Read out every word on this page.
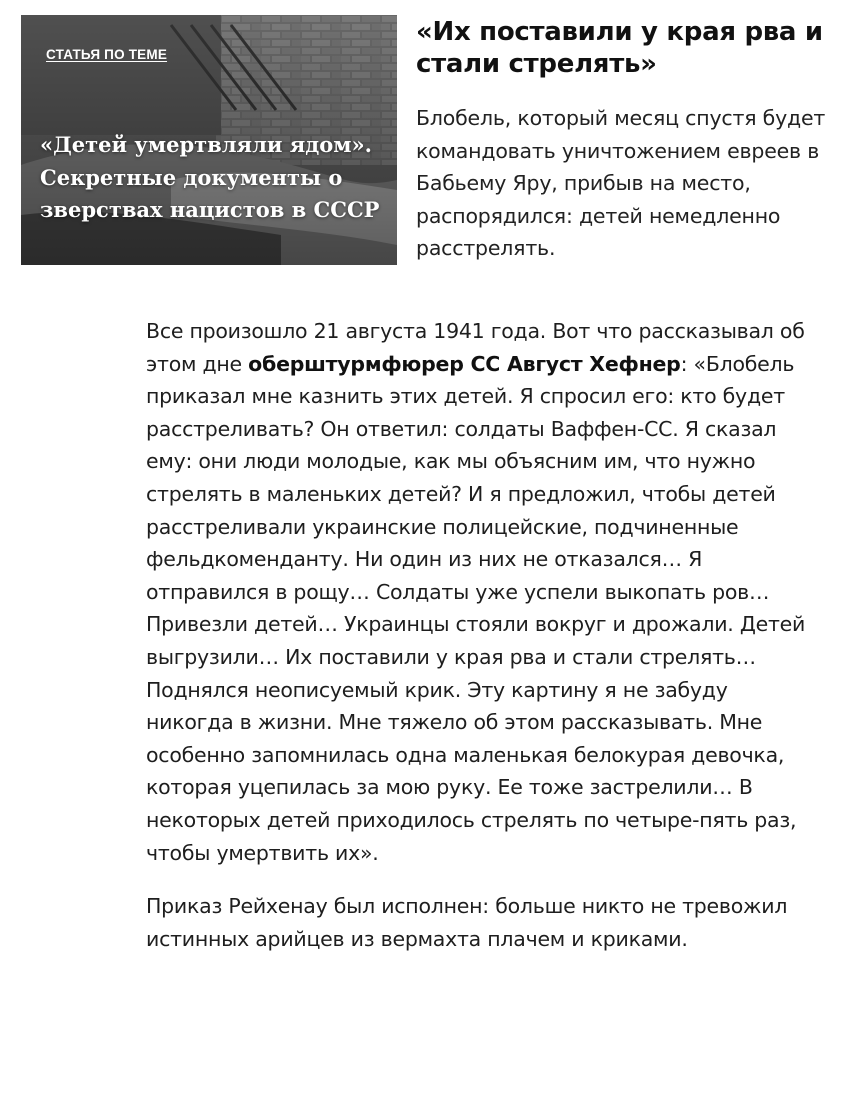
СТАТЬЯ ПО ТЕМЕ
«Детей умертвляли ядом». Секретные документы о зверствах нацистов в СССР
«Их поставили у края рва и стали стрелять»

Блобель, который месяц спустя будет командовать уничтожением евреев в Бабьему Яру, прибыв на место, распорядился: детей немедленно расстрелять.

Все произошло 21 августа 1941 года. Вот что рассказывал об этом дне оберштурмфюрер СС Август Хефнер: «Блобель приказал мне казнить этих детей. Я спросил его: кто будет расстреливать? Он ответил: солдаты Ваффен-СС. Я сказал ему: они люди молодые, как мы объясним им, что нужно стрелять в маленьких детей? И я предложил, чтобы детей расстреливали украинские полицейские, подчиненные фельдкоменданту. Ни один из них не отказался… Я отправился в рощу… Солдаты уже успели выкопать ров… Привезли детей… Украинцы стояли вокруг и дрожали. Детей выгрузили… Их поставили у края рва и стали стрелять… Поднялся неописуемый крик. Эту картину я не забуду никогда в жизни. Мне тяжело об этом рассказывать. Мне особенно запомнилась одна маленькая белокурая девочка, которая уцепилась за мою руку. Ее тоже застрелили… В некоторых детей приходилось стрелять по четыре-пять раз, чтобы умертвить их».

Приказ Рейхенау был исполнен: больше никто не тревожил истинных арийцев из вермахта плачем и криками.
